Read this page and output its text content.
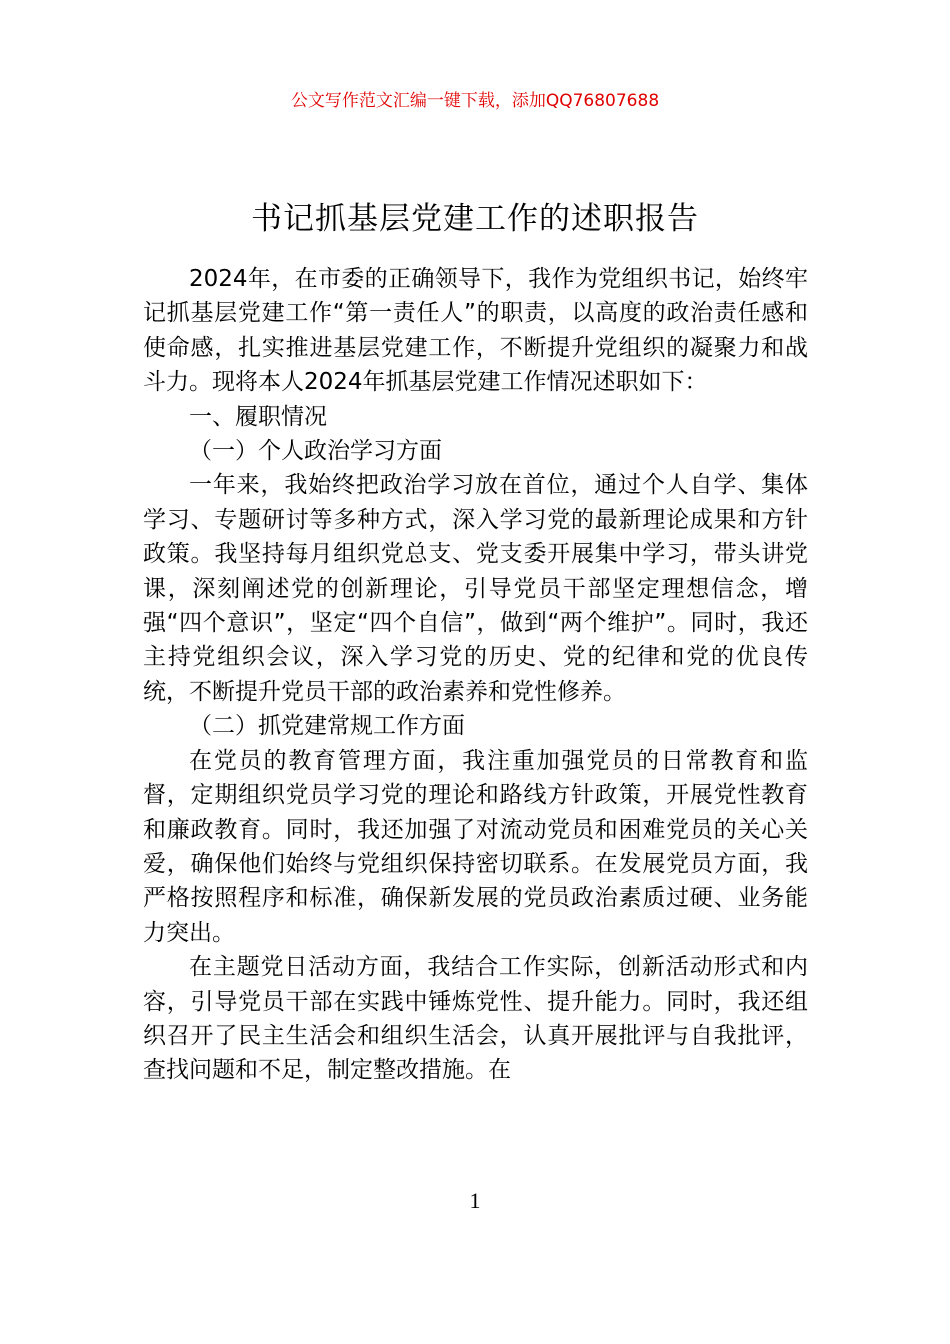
公文写作范文汇编一键下载，添加QQ76807688
书记抓基层党建工作的述职报告

2024年，在市委的正确领导下，我作为党组织书记，始终牢记抓基层党建工作“第一责任人”的职责，以高度的政治责任感和使命感，扎实推进基层党建工作，不断提升党组织的凝聚力和战斗力。现将本人2024年抓基层党建工作情况述职如下：

一、履职情况

（一）个人政治学习方面

一年来，我始终把政治学习放在首位，通过个人自学、集体学习、专题研讨等多种方式，深入学习党的最新理论成果和方针政策。我坚持每月组织党总支、党支委开展集中学习，带头讲党课，深刻阐述党的创新理论，引导党员干部坚定理想信念，增强“四个意识”，坚定“四个自信”，做到“两个维护”。同时，我还主持党组织会议，深入学习党的历史、党的纪律和党的优良传统，不断提升党员干部的政治素养和党性修养。

（二）抓党建常规工作方面

在党员的教育管理方面，我注重加强党员的日常教育和监督，定期组织党员学习党的理论和路线方针政策，开展党性教育和廉政教育。同时，我还加强了对流动党员和困难党员的关心关爱，确保他们始终与党组织保持密切联系。在发展党员方面，我严格按照程序和标准，确保新发展的党员政治素质过硬、业务能力突出。

在主题党日活动方面，我结合工作实际，创新活动形式和内容，引导党员干部在实践中锤炼党性、提升能力。同时，我还组织召开了民主生活会和组织生活会，认真开展批评与自我批评，查找问题和不足，制定整改措施。在

1
